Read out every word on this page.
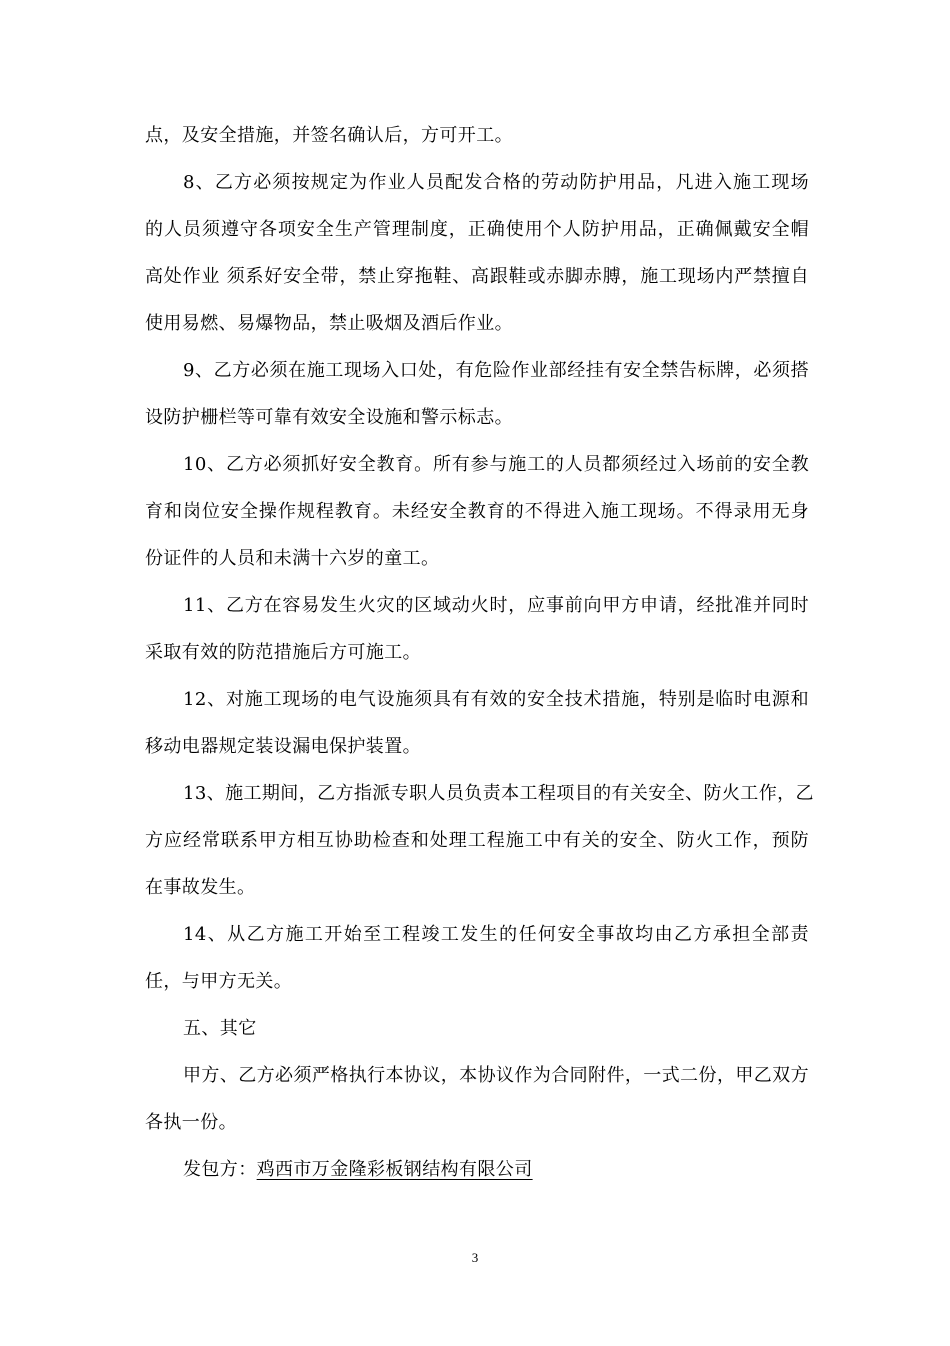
点，及安全措施，并签名确认后，方可开工。
8、乙方必须按规定为作业人员配发合格的劳动防护用品，凡进入施工现场
的人员须遵守各项安全生产管理制度，正确使用个人防护用品，正确佩戴安全帽
高处作业 须系好安全带，禁止穿拖鞋、高跟鞋或赤脚赤膊，施工现场内严禁擅自
使用易燃、易爆物品，禁止吸烟及酒后作业。
9、乙方必须在施工现场入口处，有危险作业部经挂有安全禁告标牌，必须搭
设防护栅栏等可靠有效安全设施和警示标志。
10、乙方必须抓好安全教育。所有参与施工的人员都须经过入场前的安全教
育和岗位安全操作规程教育。未经安全教育的不得进入施工现场。不得录用无身
份证件的人员和未满十六岁的童工。
11、乙方在容易发生火灾的区域动火时，应事前向甲方申请，经批准并同时
采取有效的防范措施后方可施工。
12、对施工现场的电气设施须具有有效的安全技术措施，特别是临时电源和
移动电器规定装设漏电保护装置。
13、施工期间，乙方指派专职人员负责本工程项目的有关安全、防火工作，乙
方应经常联系甲方相互协助检查和处理工程施工中有关的安全、防火工作，预防
在事故发生。
14、从乙方施工开始至工程竣工发生的任何安全事故均由乙方承担全部责
任，与甲方无关。
五、其它
甲方、乙方必须严格执行本协议，本协议作为合同附件，一式二份，甲乙双方
各执一份。
发包方：鸡西市万金隆彩板钢结构有限公司
3
